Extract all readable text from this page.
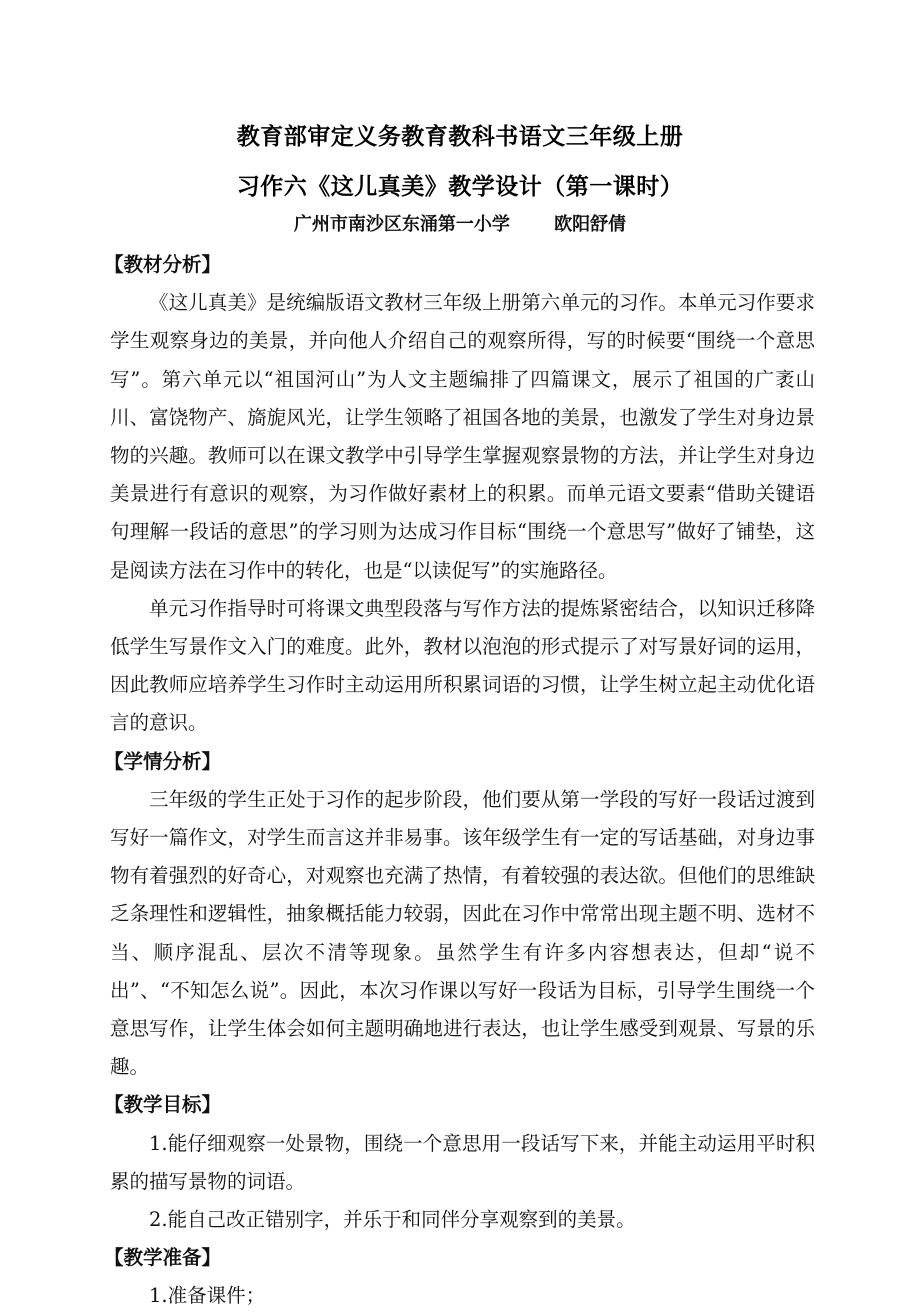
教育部审定义务教育教科书语文三年级上册
习作六《这儿真美》教学设计（第一课时）
广州市南沙区东涌第一小学 欧阳舒倩
【教材分析】

《这儿真美》是统编版语文教材三年级上册第六单元的习作。本单元习作要求学生观察身边的美景，并向他人介绍自己的观察所得，写的时候要“围绕一个意思写”。第六单元以“祖国河山”为人文主题编排了四篇课文，展示了祖国的广袤山川、富饶物产、旖旎风光，让学生领略了祖国各地的美景，也激发了学生对身边景物的兴趣。教师可以在课文教学中引导学生掌握观察景物的方法，并让学生对身边美景进行有意识的观察，为习作做好素材上的积累。而单元语文要素“借助关键语句理解一段话的意思”的学习则为达成习作目标“围绕一个意思写”做好了铺垫，这是阅读方法在习作中的转化，也是“以读促写”的实施路径。

单元习作指导时可将课文典型段落与写作方法的提炼紧密结合，以知识迁移降低学生写景作文入门的难度。此外，教材以泡泡的形式提示了对写景好词的运用，因此教师应培养学生习作时主动运用所积累词语的习惯，让学生树立起主动优化语言的意识。

【学情分析】

三年级的学生正处于习作的起步阶段，他们要从第一学段的写好一段话过渡到写好一篇作文，对学生而言这并非易事。该年级学生有一定的写话基础，对身边事物有着强烈的好奇心，对观察也充满了热情，有着较强的表达欲。但他们的思维缺乏条理性和逻辑性，抽象概括能力较弱，因此在习作中常常出现主题不明、选材不当、顺序混乱、层次不清等现象。虽然学生有许多内容想表达，但却“说不出”、“不知怎么说”。因此，本次习作课以写好一段话为目标，引导学生围绕一个意思写作，让学生体会如何主题明确地进行表达，也让学生感受到观景、写景的乐趣。

【教学目标】

1.能仔细观察一处景物，围绕一个意思用一段话写下来，并能主动运用平时积累的描写景物的词语。

2.能自己改正错别字，并乐于和同伴分享观察到的美景。

【教学准备】

1.准备课件；
